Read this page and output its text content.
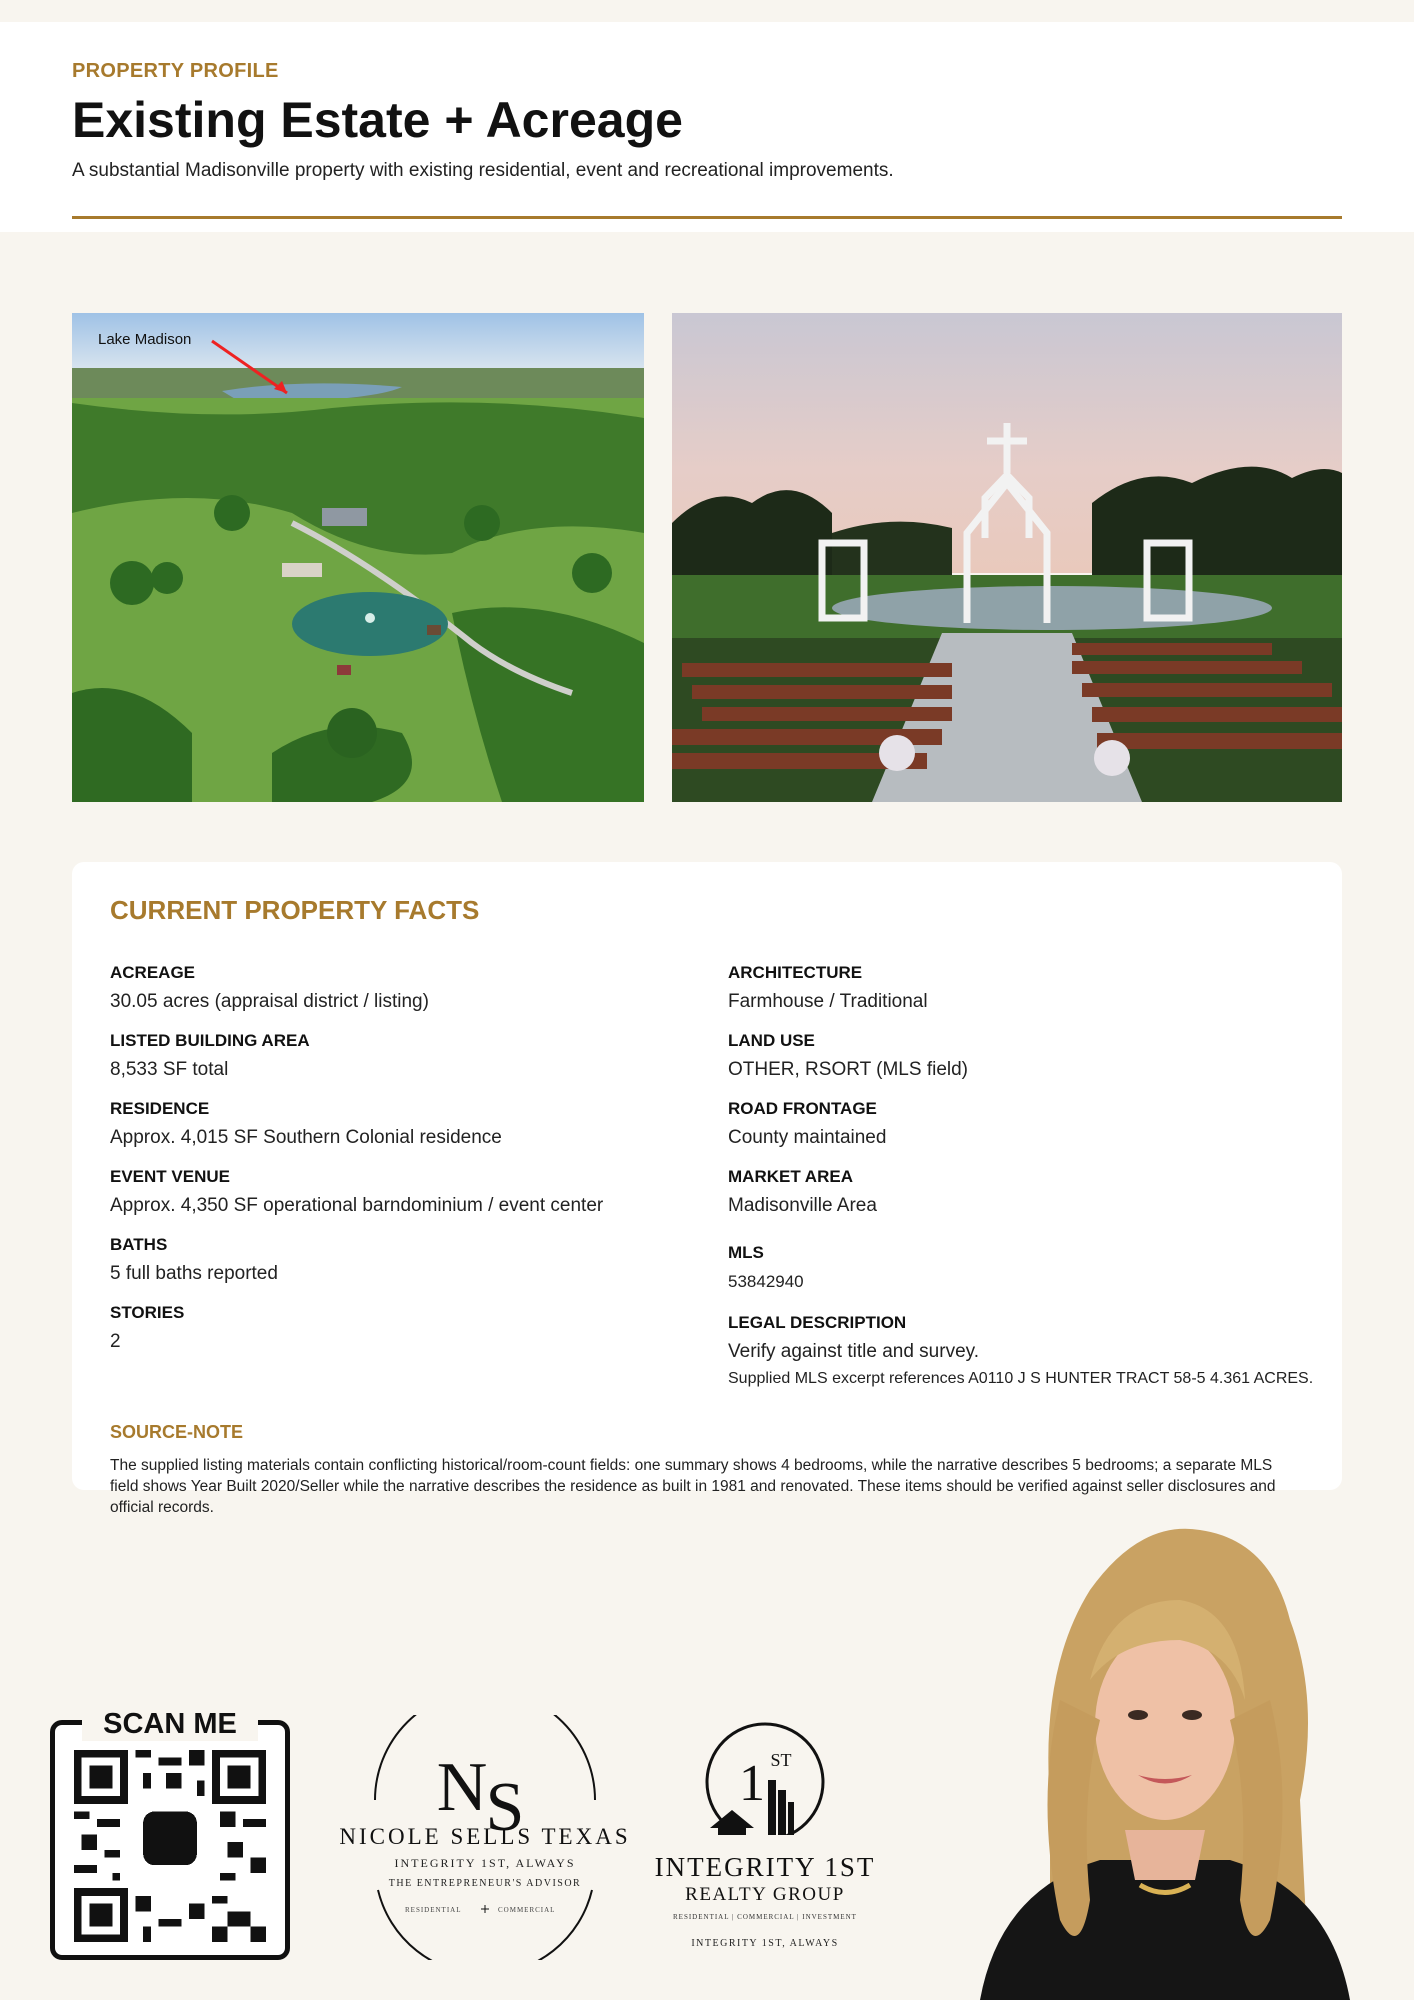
PROPERTY PROFILE
Existing Estate + Acreage
A substantial Madisonville property with existing residential, event and recreational improvements.
Lake Madison
CURRENT PROPERTY FACTS
ACREAGE
30.05 acres (appraisal district / listing)
LISTED BUILDING AREA
8,533 SF total
RESIDENCE
Approx. 4,015 SF Southern Colonial residence
EVENT VENUE
Approx. 4,350 SF operational barndominium / event center
BATHS
5 full baths reported
STORIES
2
ARCHITECTURE
Farmhouse / Traditional
LAND USE
OTHER, RSORT (MLS field)
ROAD FRONTAGE
County maintained
MARKET AREA
Madisonville Area
MLS
53842940
LEGAL DESCRIPTION
Verify against title and survey.
Supplied MLS excerpt references A0110 J S HUNTER TRACT 58-5 4.361 ACRES.
SOURCE-NOTE
The supplied listing materials contain conflicting historical/room-count fields: one summary shows 4 bedrooms, while the narrative describes 5 bedrooms; a separate MLS field shows Year Built 2020/Seller while the narrative describes the residence as built in 1981 and renovated. These items should be verified against seller disclosures and official records.
SCAN ME
N
S
NICOLE SELLS TEXAS
INTEGRITY 1ST, ALWAYS
THE ENTREPRENEUR'S ADVISOR
RESIDENTIAL	COMMERCIAL
1 ST
INTEGRITY 1ST
REALTY GROUP
RESIDENTIAL | COMMERCIAL | INVESTMENT
INTEGRITY 1ST, ALWAYS
